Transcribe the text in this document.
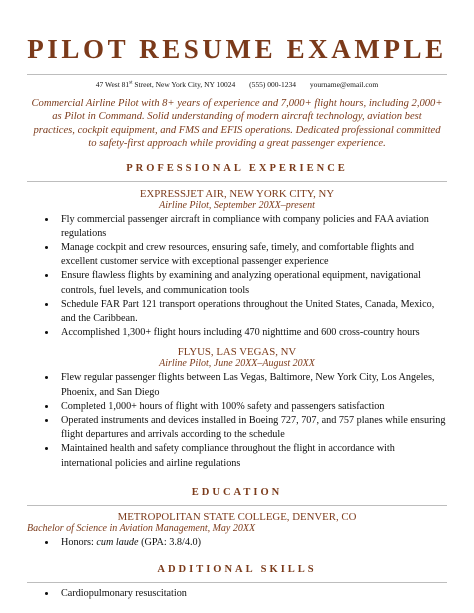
PILOT RESUME EXAMPLE
47 West 81st Street, New York City, NY 10024 (555) 000-1234 yourname@email.com

Commercial Airline Pilot with 8+ years of experience and 7,000+ flight hours, including 2,000+ as Pilot in Command. Solid understanding of modern aircraft technology, aviation best practices, cockpit equipment, and FMS and EFIS operations. Dedicated professional committed to safety-first approach while providing a great passenger experience.

PROFESSIONAL EXPERIENCE

EXPRESSJET AIR, NEW YORK CITY, NY

Airline Pilot, September 20XX–present

• Fly commercial passenger aircraft in compliance with company policies and FAA aviation regulations
• Manage cockpit and crew resources, ensuring safe, timely, and comfortable flights and excellent customer service with exceptional passenger experience
• Ensure flawless flights by examining and analyzing operational equipment, navigational controls, fuel levels, and communication tools
• Schedule FAR Part 121 transport operations throughout the United States, Canada, Mexico, and the Caribbean.
• Accomplished 1,300+ flight hours including 470 nighttime and 600 cross-country hours

FLYUS, LAS VEGAS, NV

Airline Pilot, June 20XX–August 20XX

• Flew regular passenger flights between Las Vegas, Baltimore, New York City, Los Angeles, Phoenix, and San Diego
• Completed 1,000+ hours of flight with 100% safety and passengers satisfaction
• Operated instruments and devices installed in Boeing 727, 707, and 757 planes while ensuring flight departures and arrivals according to the schedule
• Maintained health and safety compliance throughout the flight in accordance with international policies and airline regulations
EDUCATION

METROPOLITAN STATE COLLEGE, DENVER, CO

Bachelor of Science in Aviation Management, May 20XX

• Honors: cum laude (GPA: 3.8/4.0)
ADDITIONAL SKILLS
• Cardiopulmonary resuscitation
